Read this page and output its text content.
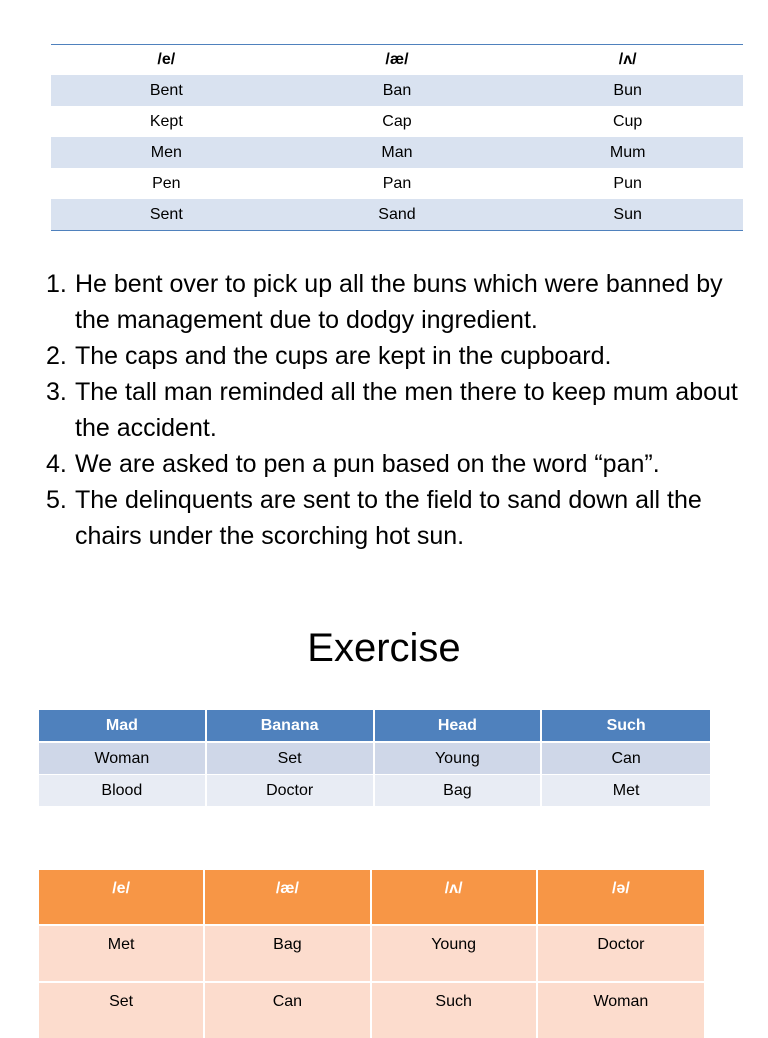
/e/	/æ/	/ʌ/
Bent	Ban	Bun
Kept	Cap	Cup
Men	Man	Mum
Pen	Pan	Pun
Sent	Sand	Sun
1. He bent over to pick up all the buns which were banned by the management due to dodgy ingredient.
2. The caps and the cups are kept in the cupboard.
3. The tall man reminded all the men there to keep mum about the accident.
4. We are asked to pen a pun based on the word “pan”.
5. The delinquents are sent to the field to sand down all the chairs under the scorching hot sun.
Exercise
Mad	Banana	Head	Such
Woman	Set	Young	Can
Blood	Doctor	Bag	Met
/e/	/æ/	/ʌ/	/ə/
Met	Bag	Young	Doctor
Set	Can	Such	Woman
